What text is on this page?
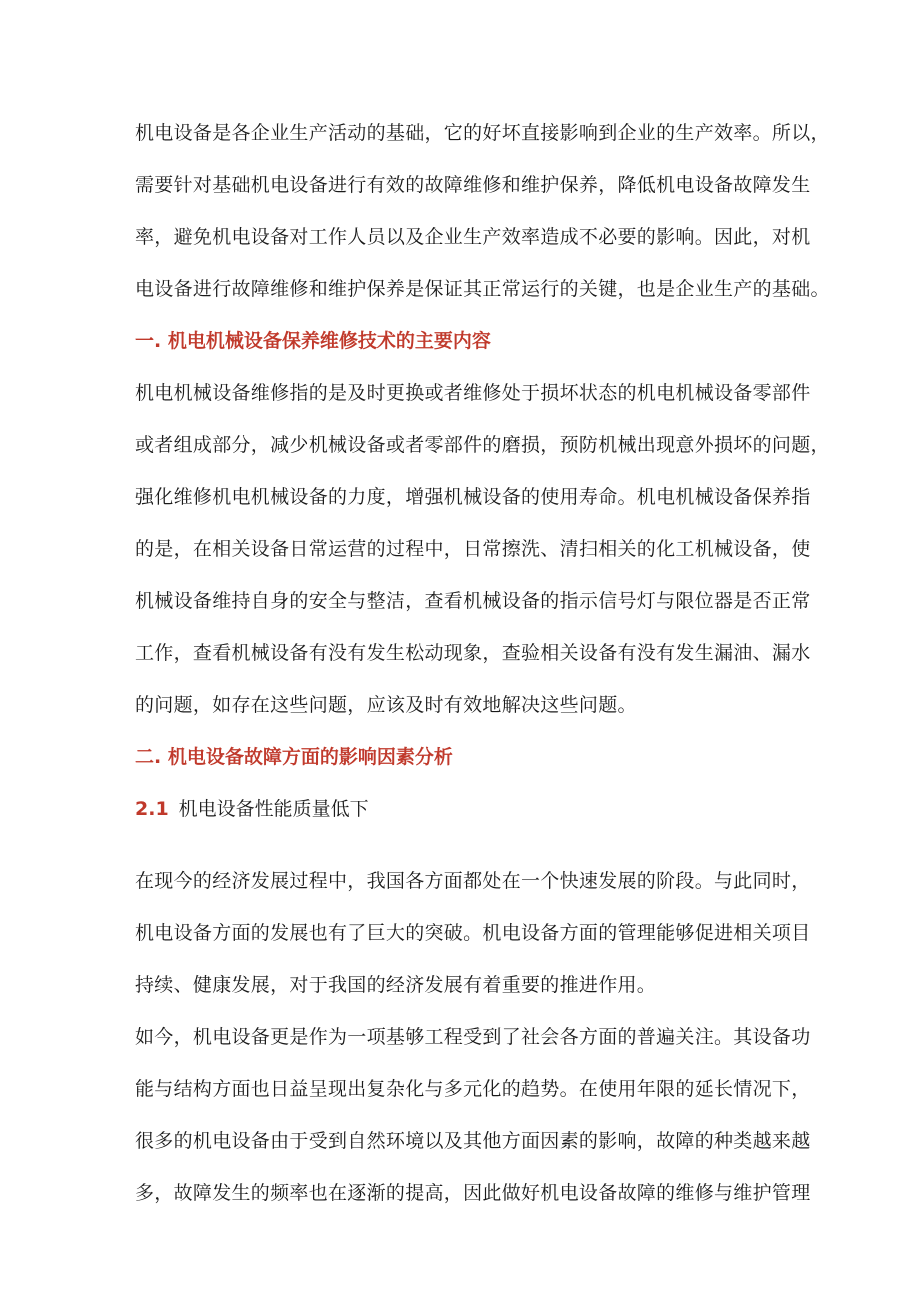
机电设备是各企业生产活动的基础，它的好坏直接影响到企业的生产效率。所以，
需要针对基础机电设备进行有效的故障维修和维护保养，降低机电设备故障发生
率，避免机电设备对工作人员以及企业生产效率造成不必要的影响。因此，对机
电设备进行故障维修和维护保养是保证其正常运行的关键，也是企业生产的基础。
一. 机电机械设备保养维修技术的主要内容
机电机械设备维修指的是及时更换或者维修处于损坏状态的机电机械设备零部件
或者组成部分，减少机械设备或者零部件的磨损，预防机械出现意外损坏的问题，
强化维修机电机械设备的力度，增强机械设备的使用寿命。机电机械设备保养指
的是，在相关设备日常运营的过程中，日常擦洗、清扫相关的化工机械设备，使
机械设备维持自身的安全与整洁，查看机械设备的指示信号灯与限位器是否正常
工作，查看机械设备有没有发生松动现象，查验相关设备有没有发生漏油、漏水
的问题，如存在这些问题，应该及时有效地解决这些问题。
二. 机电设备故障方面的影响因素分析
2.1 机电设备性能质量低下
在现今的经济发展过程中，我国各方面都处在一个快速发展的阶段。与此同时，
机电设备方面的发展也有了巨大的突破。机电设备方面的管理能够促进相关项目
持续、健康发展，对于我国的经济发展有着重要的推进作用。
如今，机电设备更是作为一项基够工程受到了社会各方面的普遍关注。其设备功
能与结构方面也日益呈现出复杂化与多元化的趋势。在使用年限的延长情况下，
很多的机电设备由于受到自然环境以及其他方面因素的影响，故障的种类越来越
多，故障发生的频率也在逐渐的提高，因此做好机电设备故障的维修与维护管理
